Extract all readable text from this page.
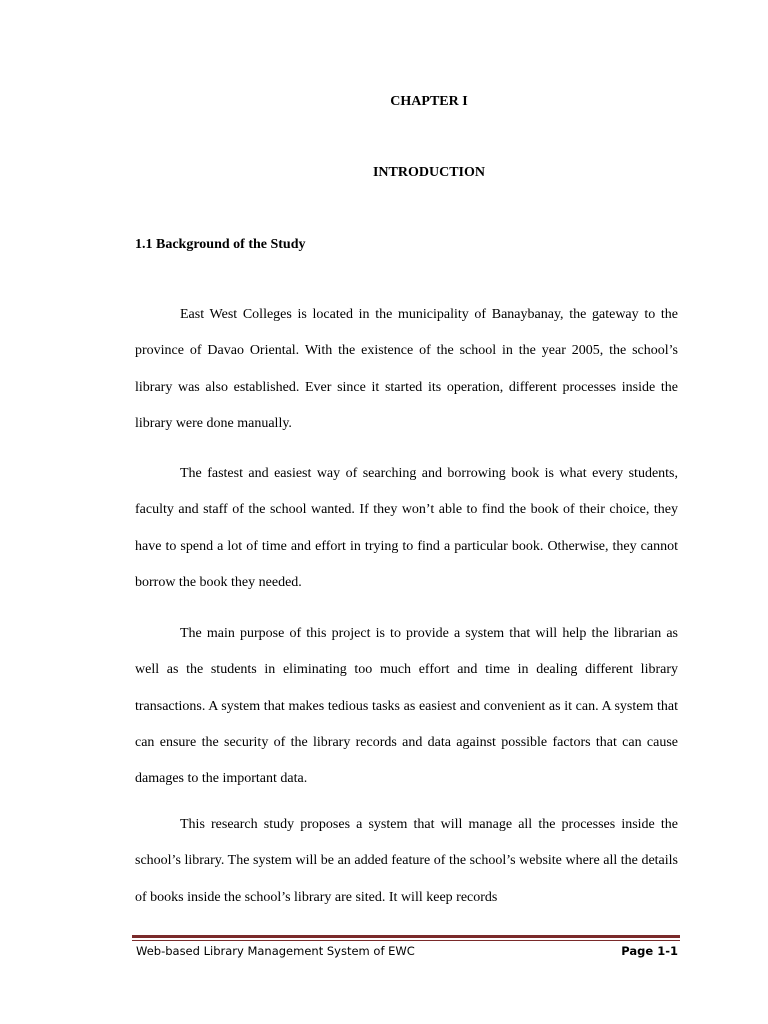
CHAPTER I
INTRODUCTION
1.1 Background of the Study

East West Colleges is located in the municipality of Banaybanay, the gateway to the province of Davao Oriental. With the existence of the school in the year 2005, the school’s library was also established. Ever since it started its operation, different processes inside the library were done manually.

The fastest and easiest way of searching and borrowing book is what every students, faculty and staff of the school wanted. If they won’t able to find the book of their choice, they have to spend a lot of time and effort in trying to find a particular book. Otherwise, they cannot borrow the book they needed.

The main purpose of this project is to provide a system that will help the librarian as well as the students in eliminating too much effort and time in dealing different library transactions. A system that makes tedious tasks as easiest and convenient as it can. A system that can ensure the security of the library records and data against possible factors that can cause damages to the important data.

This research study proposes a system that will manage all the processes inside the school’s library. The system will be an added feature of the school’s website where all the details of books inside the school’s library are sited. It will keep records

Web-based Library Management System of EWC	Page 1-1
